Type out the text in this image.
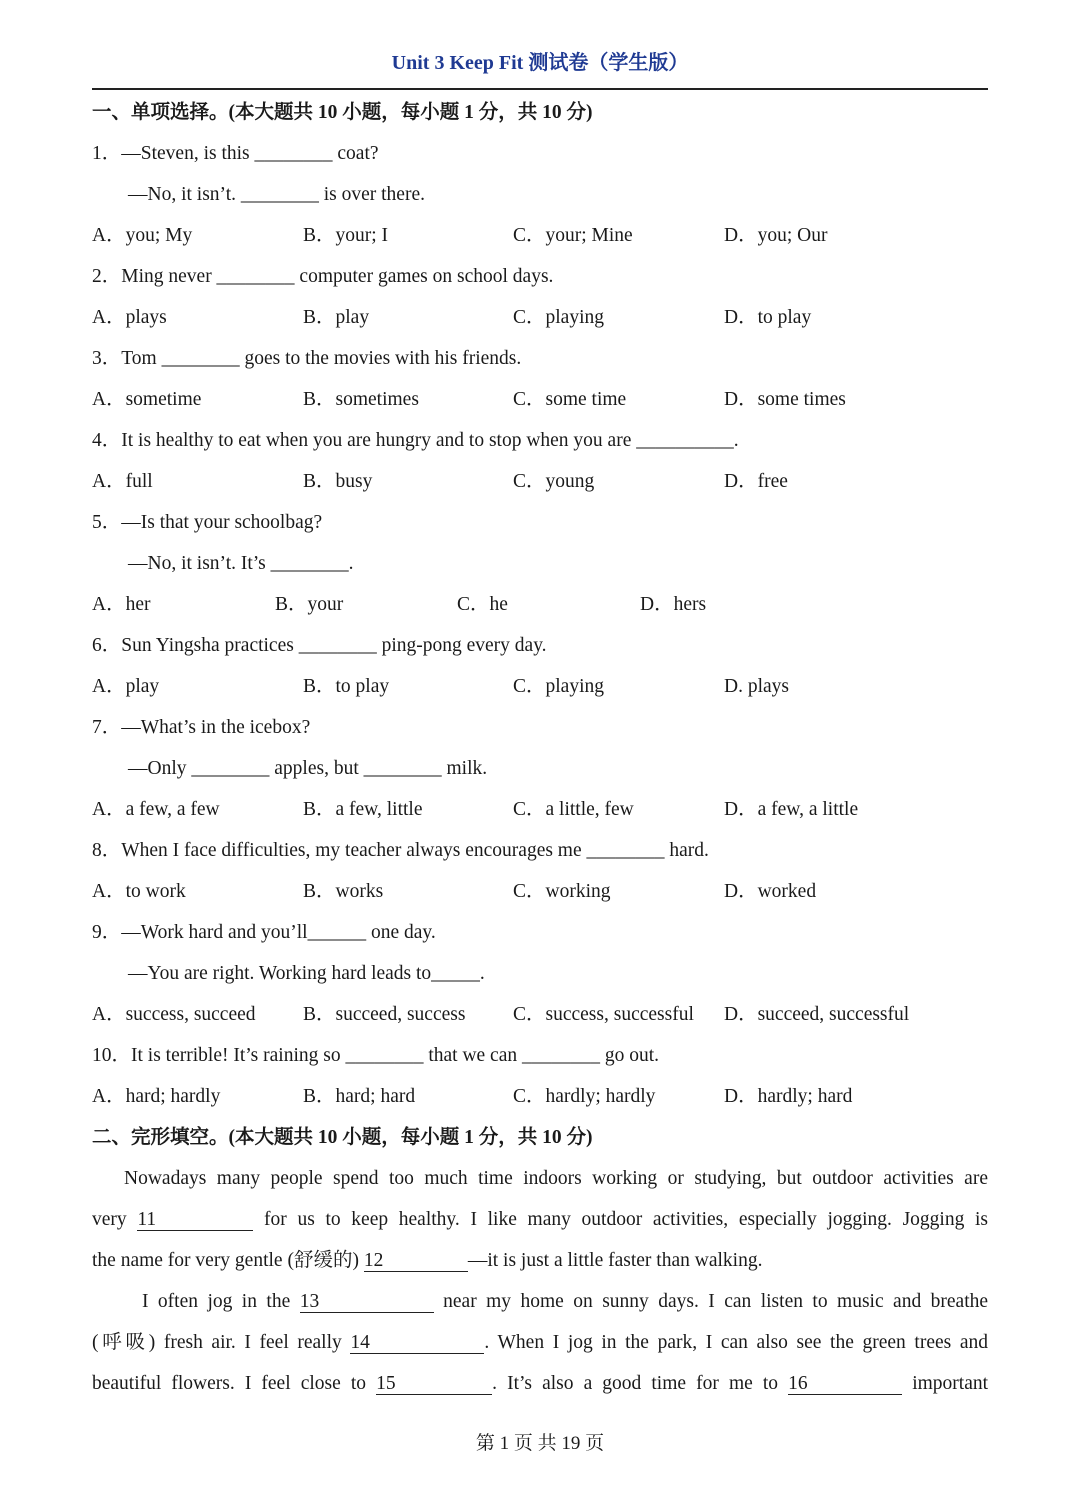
Unit 3 Keep Fit 测试卷（学生版）
一、单项选择。(本大题共 10 小题，每小题 1 分，共 10 分)
1．—Steven, is this ________ coat?
—No, it isn’t. ________ is over there.
A．you; My	B．your; I	C．your; Mine	D．you; Our
2．Ming never ________ computer games on school days.
A．plays	B．play	C．playing	D．to play
3．Tom ________ goes to the movies with his friends.
A．sometime	B．sometimes	C．some time	D．some times
4．It is healthy to eat when you are hungry and to stop when you are __________.
A．full	B．busy	C．young	D．free
5．—Is that your schoolbag?
—No, it isn’t. It’s ________.
A．her	B．your	C．he	D．hers
6．Sun Yingsha practices ________ ping-pong every day.
A．play	B．to play	C．playing	D. plays
7．—What’s in the icebox?
—Only ________ apples, but ________ milk.
A．a few, a few	B．a few, little	C．a little, few	D．a few, a little
8．When I face difficulties, my teacher always encourages me ________ hard.
A．to work	B．works	C．working	D．worked
9．—Work hard and you’ll______ one day.
—You are right. Working hard leads to_____.
A．success, succeed B．succeed, success C．success, successful D．succeed, successful
10．It is terrible! It’s raining so ________ that we can ________ go out.
A．hard; hardly	B．hard; hard	C．hardly; hardly	D．hardly; hard
二、完形填空。(本大题共 10 小题，每小题 1 分，共 10 分)
Nowadays many people spend too much time indoors working or studying, but outdoor activities are
very 11	for us to keep healthy. I like many outdoor activities, especially jogging. Jogging is
the name for very gentle (舒缓的) 12	—it is just a little faster than walking.
I often jog in the 13	near my home on sunny days. I can listen to music and breathe
(呼吸) fresh air. I feel really 14	. When I jog in the park, I can also see the green trees and
beautiful flowers. I feel close to 15	. It’s also a good time for me to 16	important
第 1 页 共 19 页
